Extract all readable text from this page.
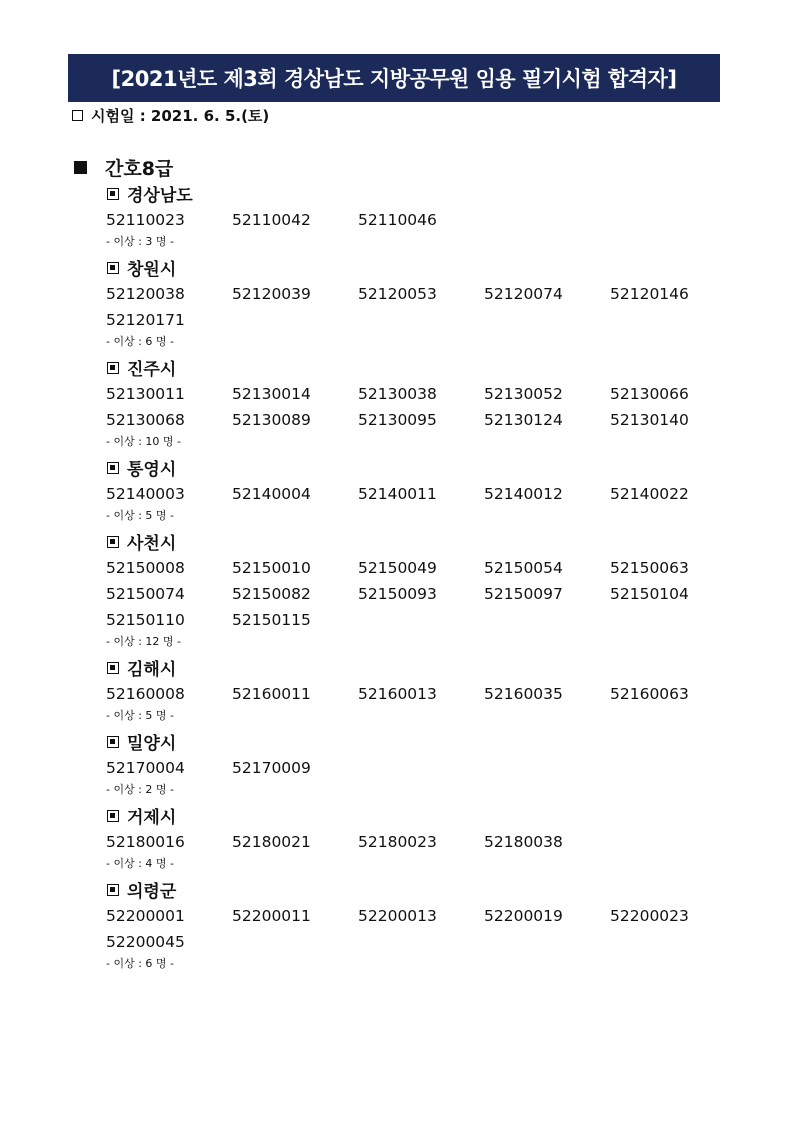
[2021년도 제3회 경상남도 지방공무원 임용 필기시험 합격자]
시험일 : 2021. 6. 5.(토)
간호8급
경상남도
52110023	52110042	52110046
- 이상 : 3 명 -
창원시
52120038	52120039	52120053	52120074	52120146
52120171
- 이상 : 6 명 -
진주시
52130011	52130014	52130038	52130052	52130066
52130068	52130089	52130095	52130124	52130140
- 이상 : 10 명 -
통영시
52140003	52140004	52140011	52140012	52140022
- 이상 : 5 명 -
사천시
52150008	52150010	52150049	52150054	52150063
52150074	52150082	52150093	52150097	52150104
52150110	52150115
- 이상 : 12 명 -
김해시
52160008	52160011	52160013	52160035	52160063
- 이상 : 5 명 -
밀양시
52170004	52170009
- 이상 : 2 명 -
거제시
52180016	52180021	52180023	52180038
- 이상 : 4 명 -
의령군
52200001	52200011	52200013	52200019	52200023
52200045
- 이상 : 6 명 -
